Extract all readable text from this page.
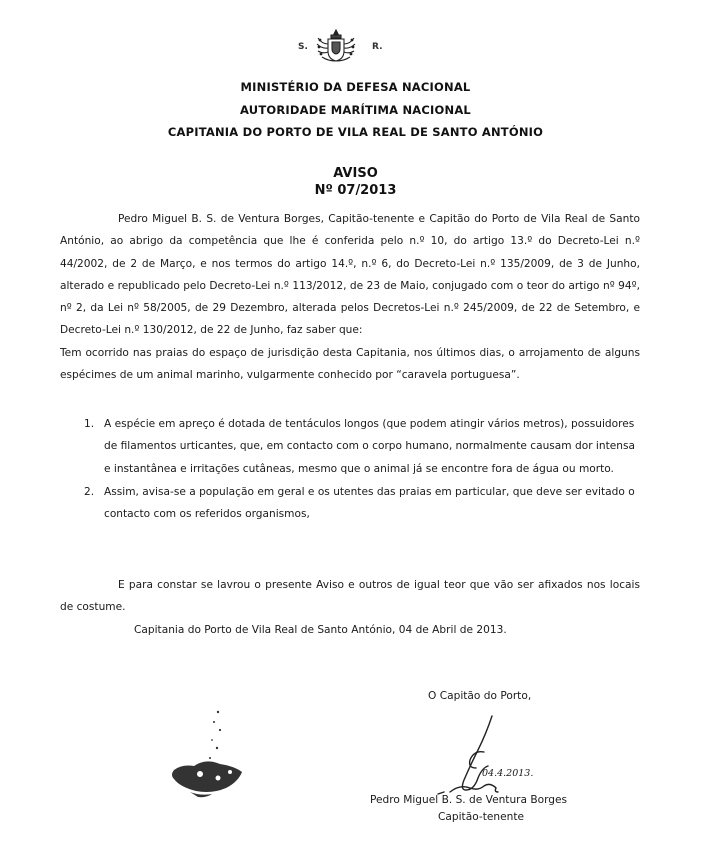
S.	R.
MINISTÉRIO DA DEFESA NACIONAL
AUTORIDADE MARÍTIMA NACIONAL
CAPITANIA DO PORTO DE VILA REAL DE SANTO ANTÓNIO
AVISO
Nº 07/2013

Pedro Miguel B. S. de Ventura Borges, Capitão-tenente e Capitão do Porto de Vila Real de Santo António, ao abrigo da competência que lhe é conferida pelo n.º 10, do artigo 13.º do Decreto-Lei n.º 44/2002, de 2 de Março, e nos termos do artigo 14.º, n.º 6, do Decreto-Lei n.º 135/2009, de 3 de Junho, alterado e republicado pelo Decreto-Lei n.º 113/2012, de 23 de Maio, conjugado com o teor do artigo nº 94º, nº 2, da Lei nº 58/2005, de 29 Dezembro, alterada pelos Decretos-Lei n.º 245/2009, de 22 de Setembro, e Decreto-Lei n.º 130/2012, de 22 de Junho, faz saber que:

Tem ocorrido nas praias do espaço de jurisdição desta Capitania, nos últimos dias, o arrojamento de alguns espécimes de um animal marinho, vulgarmente conhecido por “caravela portuguesa”.

1. A espécie em apreço é dotada de tentáculos longos (que podem atingir vários metros), possuidores de filamentos urticantes, que, em contacto com o corpo humano, normalmente causam dor intensa e instantânea e irritações cutâneas, mesmo que o animal já se encontre fora de água ou morto.
2. Assim, avisa-se a população em geral e os utentes das praias em particular, que deve ser evitado o contacto com os referidos organismos,

E para constar se lavrou o presente Aviso e outros de igual teor que vão ser afixados nos locais de costume.

Capitania do Porto de Vila Real de Santo António, 04 de Abril de 2013.
O Capitão do Porto,
04.4.2013.
Pedro Miguel B. S. de Ventura Borges
Capitão-tenente
